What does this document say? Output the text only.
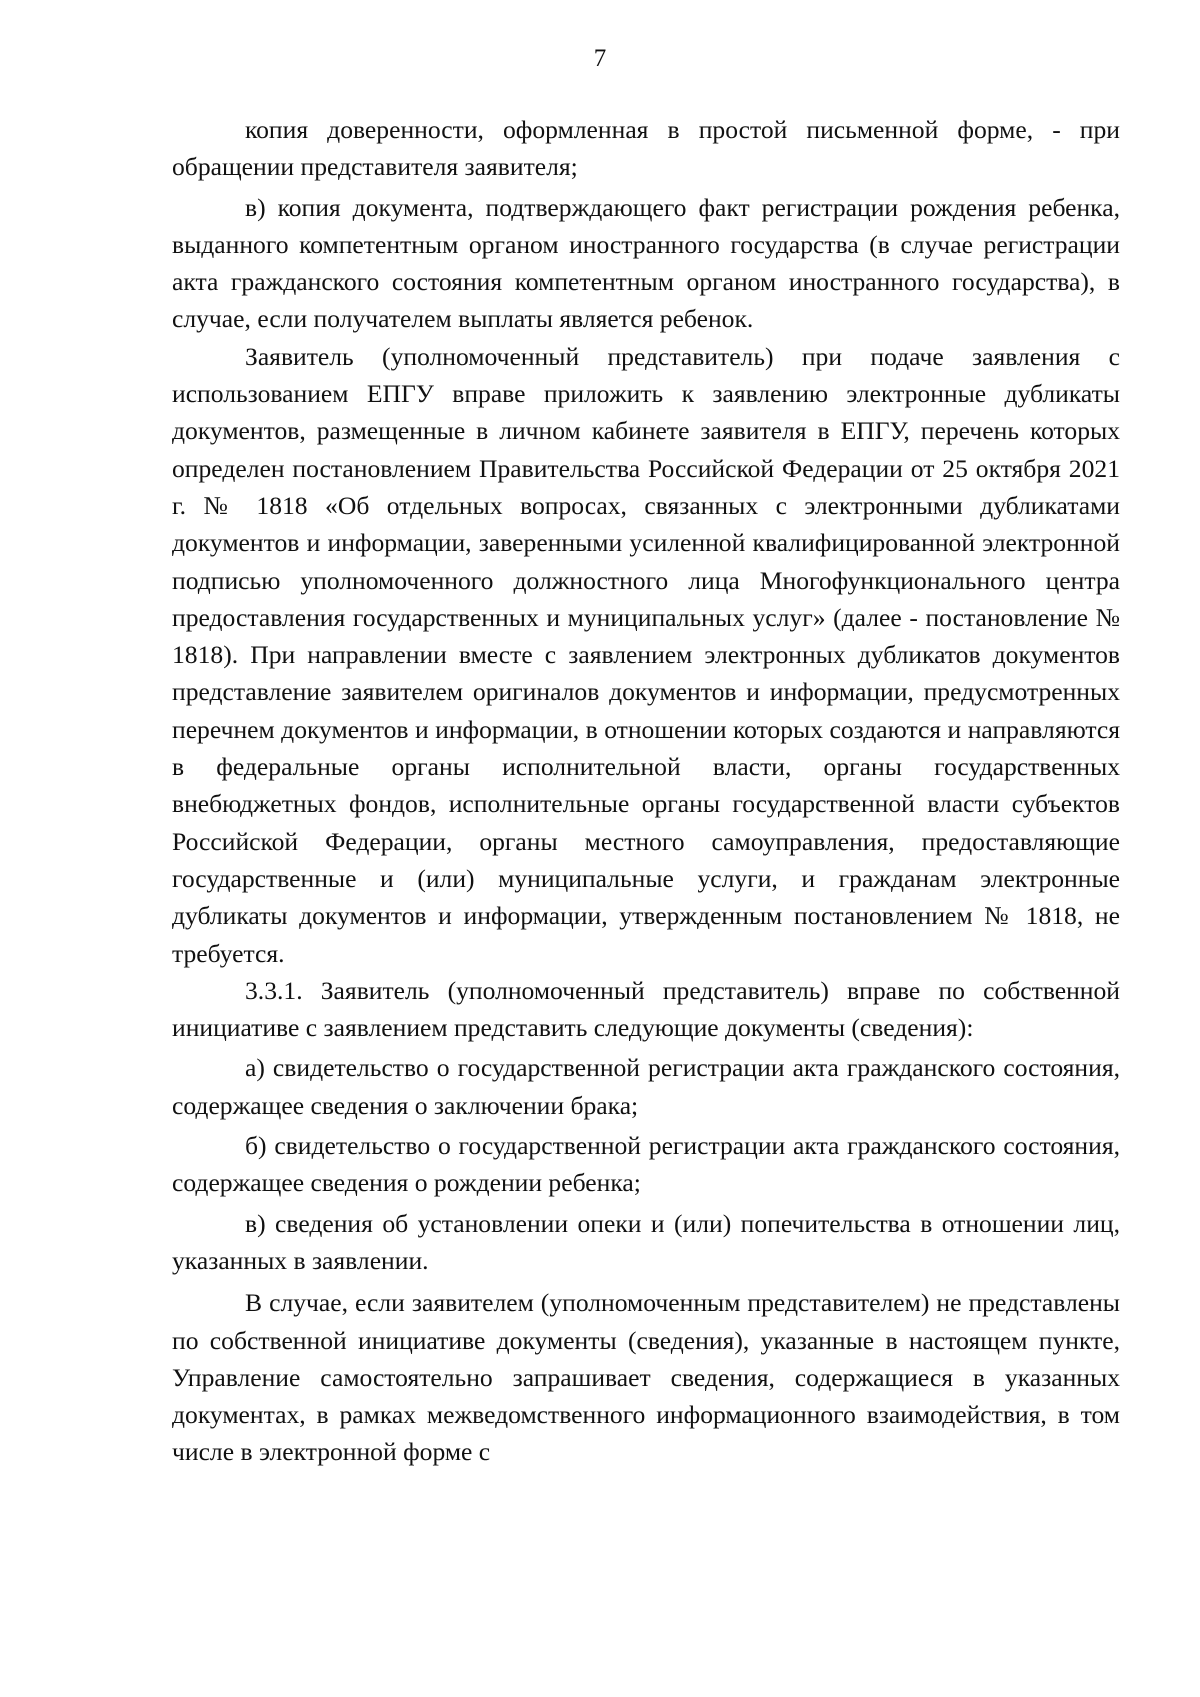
7

копия доверенности, оформленная в простой письменной форме, - при обращении представителя заявителя;

в) копия документа, подтверждающего факт регистрации рождения ребенка, выданного компетентным органом иностранного государства (в случае регистрации акта гражданского состояния компетентным органом иностранного государства), в случае, если получателем выплаты является ребенок.

Заявитель (уполномоченный представитель) при подаче заявления с использованием ЕПГУ вправе приложить к заявлению электронные дубликаты документов, размещенные в личном кабинете заявителя в ЕПГУ, перечень которых определен постановлением Правительства Российской Федерации от 25 октября 2021 г. № 1818 «Об отдельных вопросах, связанных с электронными дубликатами документов и информации, заверенными усиленной квалифицированной электронной подписью уполномоченного должностного лица Многофункционального центра предоставления государственных и муниципальных услуг» (далее - постановление № 1818). При направлении вместе с заявлением электронных дубликатов документов представление заявителем оригиналов документов и информации, предусмотренных перечнем документов и информации, в отношении которых создаются и направляются в федеральные органы исполнительной власти, органы государственных внебюджетных фондов, исполнительные органы государственной власти субъектов Российской Федерации, органы местного самоуправления, предоставляющие государственные и (или) муниципальные услуги, и гражданам электронные дубликаты документов и информации, утвержденным постановлением № 1818, не требуется.

3.3.1. Заявитель (уполномоченный представитель) вправе по собственной инициативе с заявлением представить следующие документы (сведения):

а) свидетельство о государственной регистрации акта гражданского состояния, содержащее сведения о заключении брака;

б) свидетельство о государственной регистрации акта гражданского состояния, содержащее сведения о рождении ребенка;

в) сведения об установлении опеки и (или) попечительства в отношении лиц, указанных в заявлении.

В случае, если заявителем (уполномоченным представителем) не представлены по собственной инициативе документы (сведения), указанные в настоящем пункте, Управление самостоятельно запрашивает сведения, содержащиеся в указанных документах, в рамках межведомственного информационного взаимодействия, в том числе в электронной форме с
